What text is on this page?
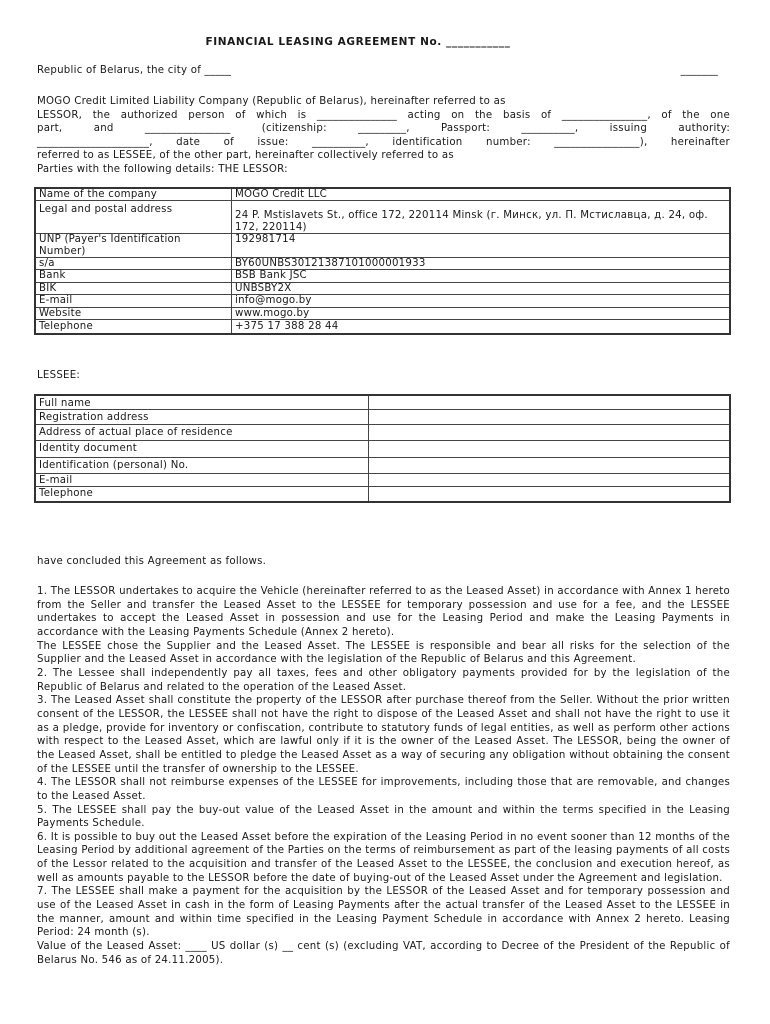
FINANCIAL LEASING AGREEMENT No. ___________
Republic of Belarus, the city of _____	_______

MOGO Credit Limited Liability Company (Republic of Belarus), hereinafter referred to as

LESSOR, the authorized person of which is _______________ acting on the basis of ________________, of the one

part, and ________________ (citizenship: _________, Passport: __________, issuing authority:

_____________________, date of issue: __________, identification number: ________________), hereinafter

referred to as LESSEE, of the other part, hereinafter collectively referred to as

Parties with the following details: THE LESSOR:

Name of the company	MOGO Credit LLC
Legal and postal address	24 P. Mstislavets St., office 172, 220114 Minsk (г. Минск, ул. П. Мстиславца, д. 24, оф. 172, 220114)
UNP (Payer's Identification Number)	192981714
s/a	BY60UNBS30121387101000001933
Bank	BSB Bank JSC
BIK	UNBSBY2X
E-mail	info@mogo.by
Website	www.mogo.by
Telephone	+375 17 388 28 44
LESSEE:
Full name	
Registration address	
Address of actual place of residence	
Identity document	
Identification (personal) No.	
E-mail	
Telephone	
have concluded this Agreement as follows.

1. The LESSOR undertakes to acquire the Vehicle (hereinafter referred to as the Leased Asset) in accordance with Annex 1 hereto from the Seller and transfer the Leased Asset to the LESSEE for temporary possession and use for a fee, and the LESSEE undertakes to accept the Leased Asset in possession and use for the Leasing Period and make the Leasing Payments in accordance with the Leasing Payments Schedule (Annex 2 hereto).

The LESSEE chose the Supplier and the Leased Asset. The LESSEE is responsible and bear all risks for the selection of the Supplier and the Leased Asset in accordance with the legislation of the Republic of Belarus and this Agreement.

2. The Lessee shall independently pay all taxes, fees and other obligatory payments provided for by the legislation of the Republic of Belarus and related to the operation of the Leased Asset.

3. The Leased Asset shall constitute the property of the LESSOR after purchase thereof from the Seller. Without the prior written consent of the LESSOR, the LESSEE shall not have the right to dispose of the Leased Asset and shall not have the right to use it as a pledge, provide for inventory or confiscation, contribute to statutory funds of legal entities, as well as perform other actions with respect to the Leased Asset, which are lawful only if it is the owner of the Leased Asset. The LESSOR, being the owner of the Leased Asset, shall be entitled to pledge the Leased Asset as a way of securing any obligation without obtaining the consent of the LESSEE until the transfer of ownership to the LESSEE.

4. The LESSOR shall not reimburse expenses of the LESSEE for improvements, including those that are removable, and changes to the Leased Asset.

5. The LESSEE shall pay the buy-out value of the Leased Asset in the amount and within the terms specified in the Leasing Payments Schedule.

6. It is possible to buy out the Leased Asset before the expiration of the Leasing Period in no event sooner than 12 months of the Leasing Period by additional agreement of the Parties on the terms of reimbursement as part of the leasing payments of all costs of the Lessor related to the acquisition and transfer of the Leased Asset to the LESSEE, the conclusion and execution hereof, as well as amounts payable to the LESSOR before the date of buying-out of the Leased Asset under the Agreement and legislation.

7. The LESSEE shall make a payment for the acquisition by the LESSOR of the Leased Asset and for temporary possession and use of the Leased Asset in cash in the form of Leasing Payments after the actual transfer of the Leased Asset to the LESSEE in the manner, amount and within time specified in the Leasing Payment Schedule in accordance with Annex 2 hereto. Leasing Period: 24 month (s).

Value of the Leased Asset: ____ US dollar (s) __ cent (s) (excluding VAT, according to Decree of the President of the Republic of Belarus No. 546 as of 24.11.2005).
